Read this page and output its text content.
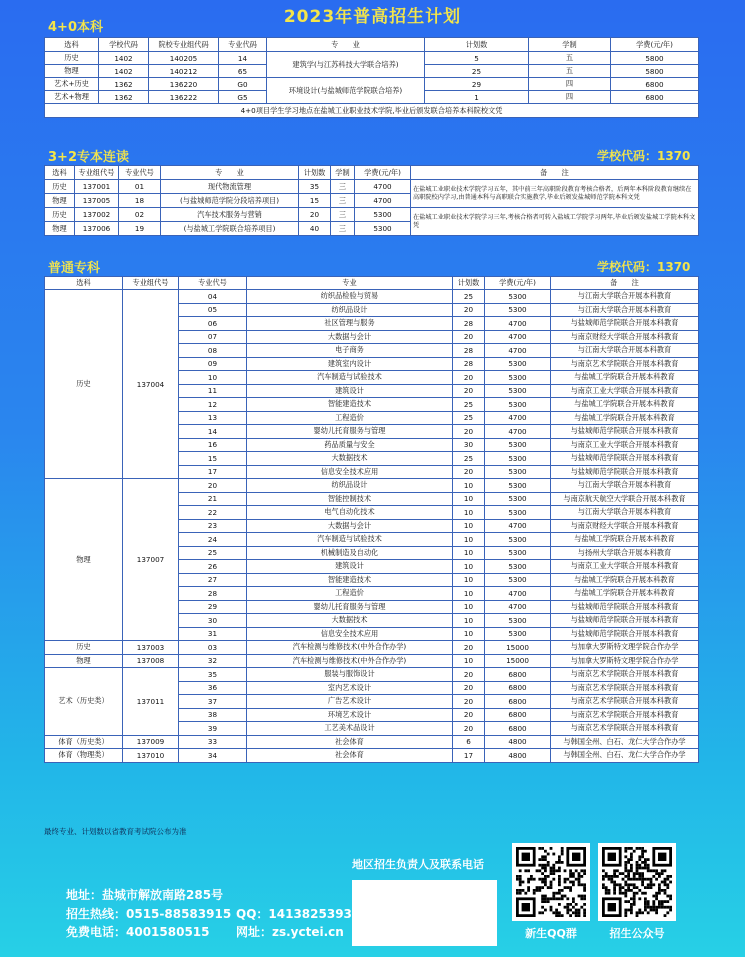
2023年普高招生计划
4+0本科
选科	学校代码	院校专业组代码	专业代码	专　　业	计划数	学制	学费(元/年)
历史	1402	140205	14	建筑学(与江苏科技大学联合培养)	5	五	5800
物理	1402	140212	65		25	五	5800
艺术+历史	1362	136220	G0	环境设计(与盐城师范学院联合培养)	29	四	6800
艺术+物理	1362	136222	G5		1	四	6800
4+0项目学生学习地点在盐城工业职业技术学院,毕业后颁发联合培养本科院校文凭							
3+2专本连读	学校代码：1370
选科	专业组代号	专业代号	专　　业	计划数	学制	学费(元/年)	备　　注
历史	137001	01	现代物流管理	35	三	4700	在盐城工业职业技术学院学习五年，其中前三年高职阶段教育考核合格者，后两年本科阶段教育继续在高职院校内学习,由普通本科与高职联合实施教学,毕业后颁发盐城师范学院本科文凭
物理	137005	18	(与盐城师范学院分段培养项目)	15	三	4700	
历史	137002	02	汽车技术服务与营销	20	三	5300	在盐城工业职业技术学院学习三年,考核合格者可转入盐城工学院学习两年,毕业后颁发盐城工学院本科文凭
物理	137006	19	(与盐城工学院联合培养项目)	40	三	5300	
普通专科	学校代码：1370
选科	专业组代号	专业代号	专业	计划数	学费(元/年)	备　　注
历史	137004	04	纺织品检验与贸易	25	5300	与江南大学联合开展本科教育
		05	纺织品设计	20	5300	与江南大学联合开展本科教育
		06	社区管理与服务	28	4700	与盐城师范学院联合开展本科教育
		07	大数据与会计	20	4700	与南京财经大学联合开展本科教育
		08	电子商务	28	4700	与江南大学联合开展本科教育
		09	建筑室内设计	28	5300	与南京艺术学院联合开展本科教育
		10	汽车制造与试验技术	20	5300	与盐城工学院联合开展本科教育
		11	建筑设计	20	5300	与南京工业大学联合开展本科教育
		12	智能建造技术	25	5300	与盐城工学院联合开展本科教育
		13	工程造价	25	4700	与盐城工学院联合开展本科教育
		14	婴幼儿托育服务与管理	20	4700	与盐城师范学院联合开展本科教育
		16	药品质量与安全	30	5300	与南京工业大学联合开展本科教育
		15	大数据技术	25	5300	与盐城师范学院联合开展本科教育
		17	信息安全技术应用	20	5300	与盐城师范学院联合开展本科教育
物理	137007	20	纺织品设计	10	5300	与江南大学联合开展本科教育
		21	智能控制技术	10	5300	与南京航天航空大学联合开展本科教育
		22	电气自动化技术	10	5300	与江南大学联合开展本科教育
		23	大数据与会计	10	4700	与南京财经大学联合开展本科教育
		24	汽车制造与试验技术	10	5300	与盐城工学院联合开展本科教育
		25	机械制造及自动化	10	5300	与扬州大学联合开展本科教育
		26	建筑设计	10	5300	与南京工业大学联合开展本科教育
		27	智能建造技术	10	5300	与盐城工学院联合开展本科教育
		28	工程造价	10	4700	与盐城工学院联合开展本科教育
		29	婴幼儿托育服务与管理	10	4700	与盐城师范学院联合开展本科教育
		30	大数据技术	10	5300	与盐城师范学院联合开展本科教育
		31	信息安全技术应用	10	5300	与盐城师范学院联合开展本科教育
历史	137003	03	汽车检测与维修技术(中外合作办学)	20	15000	与加拿大罗斯特文理学院合作办学
物理	137008	32	汽车检测与维修技术(中外合作办学)	10	15000	与加拿大罗斯特文理学院合作办学
艺术（历史类）	137011	35	服装与服饰设计	20	6800	与南京艺术学院联合开展本科教育
		36	室内艺术设计	20	6800	与南京艺术学院联合开展本科教育
		37	广告艺术设计	20	6800	与南京艺术学院联合开展本科教育
		38	环境艺术设计	20	6800	与南京艺术学院联合开展本科教育
		39	工艺美术品设计	20	6800	与南京艺术学院联合开展本科教育
体育（历史类）	137009	33	社会体育	6	4800	与韩国全州、白石、龙仁大学合作办学
体育（物理类）	137010	34	社会体育	17	4800	与韩国全州、白石、龙仁大学合作办学
最终专业、计划数以省教育考试院公布为准
地区招生负责人及联系电话
地址：盐城市解放南路285号
招生热线：0515-88583915 QQ：1413825393
免费电话：4001580515 网址：zs.yctei.cn	新生QQ群	招生公众号
